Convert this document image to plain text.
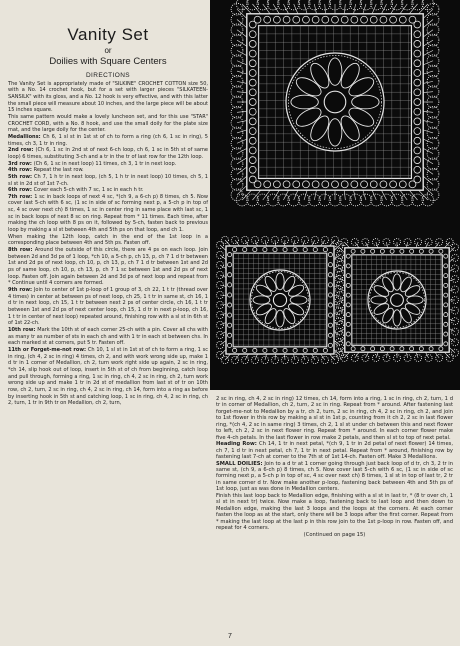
Vanity Set
or
Doilies with Square Centers
DIRECTIONS

The Vanity Set is appropriately made of "SILKINE" CROCHET COTTON size 50, with a No. 14 crochet hook, but for a set with larger pieces "SILKATEEN-SANSILK" with its gloss, and a No. 12 hook is very effective, and with this latter the small piece will measure about 10 inches, and the large piece will be about 15 inches square.

This same pattern would make a lovely luncheon set, and for this use "STAR" CROCHET CORD, with a No. 8 hook, and use the small doily for the plate size mat, and the large doily for the center.

Medallions: Ch 6, 1 sl st in 1st st of ch to form a ring (ch 6, 1 sc in ring), 5 times, ch 3, 1 tr in ring.

2nd row: (Ch 6, 1 sc in 2nd st of next 6-ch loop, ch 6, 1 sc in 5th st of same loop) 6 times, substituting 3-ch and a tr in the tr of last row for the 12th loop.

3rd row: (Ch 6, 1 sc in next loop) 11 times, ch 3, 1 tr in next loop.

4th row: Repeat the last row.

5th row: Ch 7, 1 h tr in next loop, (ch 5, 1 h tr in next loop) 10 times, ch 5, 1 sl st in 2d st of 1st 7-ch.

6th row: Cover each 5-ch with 7 sc, 1 sc in each h tr.

7th row: 1 sc in back loops of next 4 sc, *(ch 9, a 6-ch p) 8 times, ch 5. Now cover last 5-ch with 6 sc, (1 sc in side of sc forming next p, a 5-ch p in top of sc, 4 sc over next ch) 8 times, 1 sc in center ring in same place with last sc, 1 sc in back loops of next 8 sc on ring. Repeat from * 11 times. Each time, after making the ch loop with 8 ps on it, followed by 5-ch, fasten back to previous loop by making a sl st between 4th and 5th ps on that loop, and ch 1.

When making the 12th loop, catch in the end of the 1st loop in a corresponding place between 4th and 5th ps. Fasten off.

8th row: Around the outside of this circle, there are 4 ps on each loop. Join between 2d and 3d ps of 1 loop, *ch 10, a 5-ch p, ch 13, p, ch 7 1 d tr between 1st and 2d ps of next loop, ch 10, p, ch 13, p, ch 7 1 d tr between 1st and 2d ps of same loop, ch 10, p, ch 13, p, ch 7 1 sc between 1st and 2d ps of next loop. Fasten off. Join again between 2d and 3d ps of next loop and repeat from * Continue until 4 corners are formed.

9th row: Join to center of 1st p-loop of 1 group of 3, ch 22, 1 t tr (thread over 4 times) in center at between ps of next loop, ch 25, 1 t tr in same st, ch 16, 1 d tr in next loop, ch 15, 1 t tr between next 2 ps of center circle, ch 16, 1 t tr between 1st and 2d ps of next center loop, ch 15, 1 d tr in next p-loop, ch 16, 1 t tr in center of next loop) repeated around, finishing row with a sl st in 6th st of 1st 22-ch.

10th row: Mark the 10th st of each corner 25-ch with a pin. Cover all chs with as many tr as number of sts in each ch and with 1 tr in each st between chs. In each marked st at corners, put 5 tr. Fasten off.

11th or Forget-me-not row: Ch 10, 1 sl st in 1st st of ch to form a ring, 1 sc in ring, (ch 4, 2 sc in ring) 4 times, ch 2, and with work wrong side up, make 1 d tr in 1 corner of Medallion, ch 2, turn work right side up again, 2 sc in ring, *ch 14, slip hook out of loop, insert in 5th st of ch from beginning, catch loop and pull through, forming a ring, 1 sc in ring, ch 4, 2 sc in ring, ch 2, turn work wrong side up and make 1 tr in 2d st of medallion from last st of tr on 10th row, ch 2, turn, 2 sc in ring, ch 4, 2 sc in ring, ch 14, form into a ring as before by inserting hook in 5th st and catching loop, 1 sc in ring, ch 4, 2 sc in ring, ch 2, turn, 1 tr in 9th tr on Medallion, ch 2, turn,

2 sc in ring, ch 4, 2 sc in ring) 12 times, ch 14, form into a ring, 1 sc in ring, ch 2, turn, 1 d tr in corner of Medallion, ch 2, turn, 2 sc in ring. Repeat from * around. After fastening last forget-me-not to Medallion by a tr, ch 2, turn, 2 sc in ring, ch 4, 2 sc in ring, ch 2, and join to 1st flower in this row by making a sl st in 1st p, counting from it ch 2, 2 sc in last flower ring, *(ch 4, 2 sc in same ring) 3 times, ch 2, 1 sl st under ch between this and next flower to left, ch 2, 2 sc in next flower ring. Repeat from * around. In each corner flower make five 4-ch petals. In the last flower in row make 2 petals, and then sl st to top of next petal.

Heading Row: Ch 14, 1 tr in next petal, *(ch 9, 1 tr in 2d petal of next flower) 14 times, ch 7, 1 d tr in next petal, ch 7, 1 tr in next petal. Repeat from * around, finishing row by fastening last 7-ch at corner to the 7th st of 1st 14-ch. Fasten off. Make 3 Medallions.

SMALL DOILIES: Join to a d tr at 1 corner going through just back loop of d tr, ch 3, 2 tr in same st, (ch 9, a 6-ch p) 8 times, ch 5. Now cover last 5-ch with 6 sc, (1 sc in side of sc forming next p, a 5-ch p in top of sc, 4 sc over next ch) 8 times, 1 sl st in top of last tr, 2 tr in same corner d tr. Now make another p-loop, fastening back between 4th and 5th ps of 1st loop, just as was done in Medallion centers.

Finish this last loop back to Medallion edge, finishing with a sl st in last tr, * (8 tr over ch, 1 sl st in next tr) twice. Now make a loop, fastening back to last loop and then down to Medallion edge, making the last 3 loops and the loops at the corners. At each corner fasten the loop as at the start, only there will be 3 loops after the first corner. Repeat from * making the last loop at the last p in this row join to the 1st p-loop in row. Fasten off, and repeat for 4 corners.

(Continued on page 15)

7
